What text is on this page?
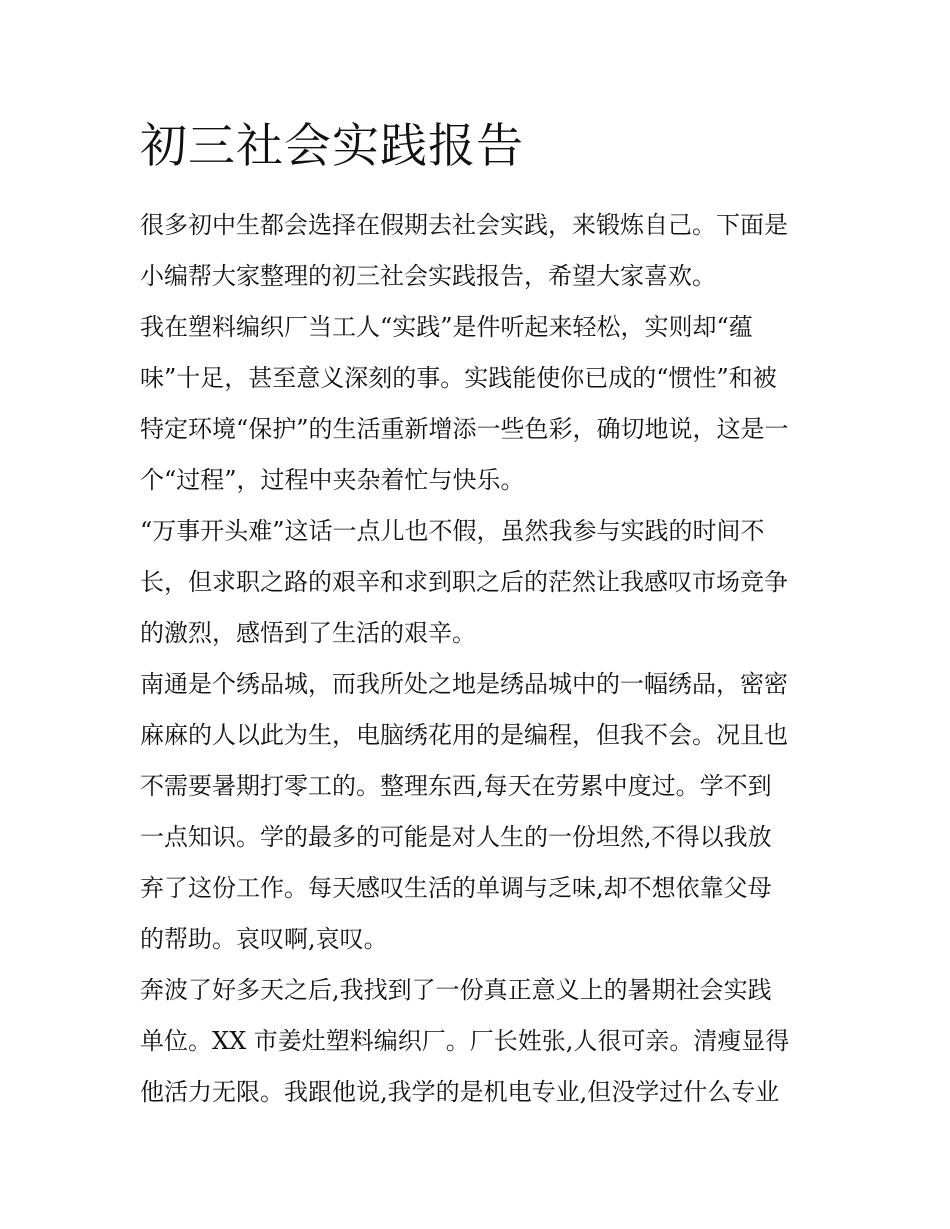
初三社会实践报告

很多初中生都会选择在假期去社会实践，来锻炼自己。下面是
小编帮大家整理的初三社会实践报告，希望大家喜欢。

我在塑料编织厂当工人“实践”是件听起来轻松，实则却“蕴
味”十足，甚至意义深刻的事。实践能使你已成的“惯性”和被
特定环境“保护”的生活重新增添一些色彩，确切地说，这是一
个“过程”，过程中夹杂着忙与快乐。

“万事开头难”这话一点儿也不假，虽然我参与实践的时间不
长，但求职之路的艰辛和求到职之后的茫然让我感叹市场竞争
的激烈，感悟到了生活的艰辛。

南通是个绣品城，而我所处之地是绣品城中的一幅绣品，密密
麻麻的人以此为生，电脑绣花用的是编程，但我不会。况且也
不需要暑期打零工的。整理东西,每天在劳累中度过。学不到
一点知识。学的最多的可能是对人生的一份坦然,不得以我放
弃了这份工作。每天感叹生活的单调与乏味,却不想依靠父母
的帮助。哀叹啊,哀叹。

奔波了好多天之后,我找到了一份真正意义上的暑期社会实践
单位。XX 市姜灶塑料编织厂。厂长姓张,人很可亲。清瘦显得
他活力无限。我跟他说,我学的是机电专业,但没学过什么专业
